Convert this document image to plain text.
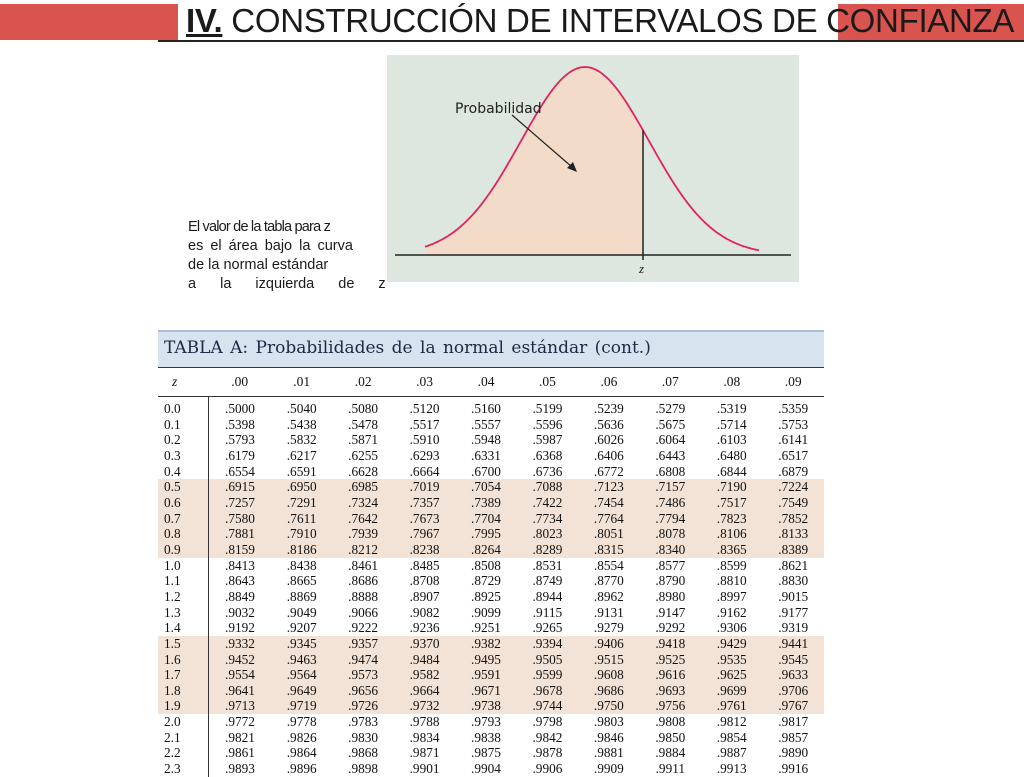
IV. CONSTRUCCIÓN DE INTERVALOS DE CONFIANZA
Probabilidad
z
El valor de la tabla para z
es el área bajo la curva
de la normal estándar
a la izquierda de z
TABLA A: Probabilidades de la normal estándar (cont.)
z	.00	.01	.02	.03	.04	.05	.06	.07	.08	.09
0.0	.5000	.5040	.5080	.5120	.5160	.5199	.5239	.5279	.5319	.5359
0.1	.5398	.5438	.5478	.5517	.5557	.5596	.5636	.5675	.5714	.5753
0.2	.5793	.5832	.5871	.5910	.5948	.5987	.6026	.6064	.6103	.6141
0.3	.6179	.6217	.6255	.6293	.6331	.6368	.6406	.6443	.6480	.6517
0.4	.6554	.6591	.6628	.6664	.6700	.6736	.6772	.6808	.6844	.6879
0.5	.6915	.6950	.6985	.7019	.7054	.7088	.7123	.7157	.7190	.7224
0.6	.7257	.7291	.7324	.7357	.7389	.7422	.7454	.7486	.7517	.7549
0.7	.7580	.7611	.7642	.7673	.7704	.7734	.7764	.7794	.7823	.7852
0.8	.7881	.7910	.7939	.7967	.7995	.8023	.8051	.8078	.8106	.8133
0.9	.8159	.8186	.8212	.8238	.8264	.8289	.8315	.8340	.8365	.8389
1.0	.8413	.8438	.8461	.8485	.8508	.8531	.8554	.8577	.8599	.8621
1.1	.8643	.8665	.8686	.8708	.8729	.8749	.8770	.8790	.8810	.8830
1.2	.8849	.8869	.8888	.8907	.8925	.8944	.8962	.8980	.8997	.9015
1.3	.9032	.9049	.9066	.9082	.9099	.9115	.9131	.9147	.9162	.9177
1.4	.9192	.9207	.9222	.9236	.9251	.9265	.9279	.9292	.9306	.9319
1.5	.9332	.9345	.9357	.9370	.9382	.9394	.9406	.9418	.9429	.9441
1.6	.9452	.9463	.9474	.9484	.9495	.9505	.9515	.9525	.9535	.9545
1.7	.9554	.9564	.9573	.9582	.9591	.9599	.9608	.9616	.9625	.9633
1.8	.9641	.9649	.9656	.9664	.9671	.9678	.9686	.9693	.9699	.9706
1.9	.9713	.9719	.9726	.9732	.9738	.9744	.9750	.9756	.9761	.9767
2.0	.9772	.9778	.9783	.9788	.9793	.9798	.9803	.9808	.9812	.9817
2.1	.9821	.9826	.9830	.9834	.9838	.9842	.9846	.9850	.9854	.9857
2.2	.9861	.9864	.9868	.9871	.9875	.9878	.9881	.9884	.9887	.9890
2.3	.9893	.9896	.9898	.9901	.9904	.9906	.9909	.9911	.9913	.9916
